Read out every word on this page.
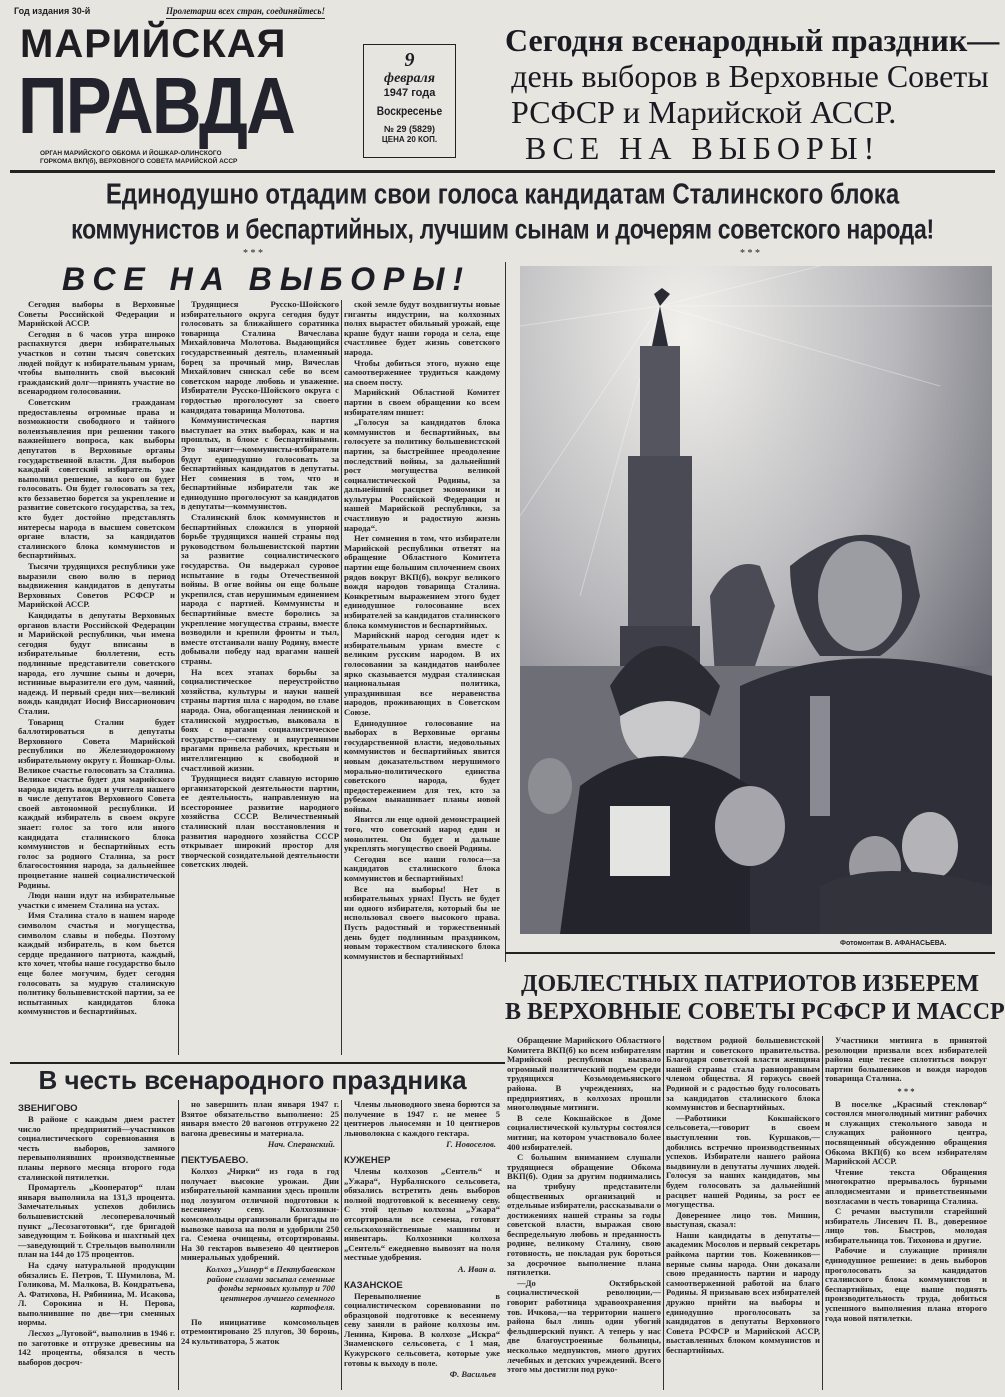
Год издания 30-й	Пролетарии всех стран, соединяйтесь!
МАРИЙСКАЯ
ПРАВДА
ОРГАН МАРИЙСКОГО ОБКОМА И ЙОШКАР-ОЛИНСКОГО
ГОРКОМА ВКП(б), ВЕРХОВНОГО СОВЕТА МАРИЙСКОЙ АССР
9
февраля
1947 года
Воскресенье
№ 29 (5829)
ЦЕНА 20 КОП.
Сегодня всенародный праздник—
день выборов в Верховные Советы
РСФСР и Марийской АССР.
ВСЕ НА ВЫБОРЫ!
Единодушно отдадим свои голоса кандидатам Сталинского блока
коммунистов и беспартийных, лучшим сынам и дочерям советского народа!
* * *	* * *
ВСЕ НА ВЫБОРЫ!

Сегодня выборы в Верховные Советы Российской Федерации и Марийской АССР.

Сегодня в 6 часов утра широко распахнутся двери избирательных участков и сотни тысяч советских людей пойдут к избирательным урнам, чтобы выполнить свой высокий гражданский долг—принять участие во всенародном голосовании.

Советским гражданам предоставлены огромные права и возможности свободного и тайного волеизъявления при решении такого важнейшего вопроса, как выборы депутатов в Верховные органы государственной власти. Для выборов каждый советский избиратель уже выполнил решение, за кого он будет голосовать. Он будет голосовать за тех, кто беззаветно борется за укрепление и развитие советского государства, за тех, кто будет достойно представлять интересы народа в высшем советском органе власти, за кандидатов сталинского блока коммунистов и беспартийных.

Тысячи трудящихся республики уже выразили свою волю в период выдвижения кандидатов в депутаты Верховных Советов РСФСР и Марийской АССР.

Кандидаты в депутаты Верховных органов власти Российской Федерации и Марийской республики, чьи имена сегодня будут вписаны в избирательные бюллетени, есть подлинные представители советского народа, его лучшие сыны и дочери, истинные выразители его дум, чаяний, надежд. И первый среди них—великий вождь кандидат Иосиф Виссарионович Сталин.

Товарищ Сталин будет баллотироваться в депутаты Верховного Совета Марийской республики по Железнодорожному избирательному округу г. Йошкар-Олы. Великое счастье голосовать за Сталина. Великое счастье будет для марийского народа видеть вождя и учителя нашего в числе депутатов Верховного Совета своей автономной республики. И каждый избиратель в своем округе знает: голос за того или иного кандидата сталинского блока коммунистов и беспартийных есть голос за родного Сталина, за рост благосостояния народа, за дальнейшее процветание нашей социалистической Родины.

Люди наши идут на избирательные участки с именем Сталина на устах.

Имя Сталина стало в нашем народе символом счастья и могущества, символом славы и победы. Поэтому каждый избиратель, в ком бьется сердце преданного патриота, каждый, кто хочет, чтобы наше государство было еще более могучим, будет сегодня голосовать за мудрую сталинскую политику большевистской партии, за ее испытанных кандидатов блока коммунистов и беспартийных.

Трудящиеся Русско-Шойского избирательного округа сегодня будут голосовать за ближайшего соратника товарища Сталина Вячеслава Михайловича Молотова. Выдающийся государственный деятель, пламенный борец за прочный мир, Вячеслав Михайлович снискал себе во всем советском народе любовь и уважение. Избиратели Русско-Шойского округа с гордостью проголосуют за своего кандидата товарища Молотова.

Коммунистическая партия выступает на этих выборах, как и на прошлых, в блоке с беспартийными. Это значит—коммунисты-избиратели будут единодушно голосовать за беспартийных кандидатов в депутаты. Нет сомнения в том, что и беспартийные избиратели так же единодушно проголосуют за кандидатов в депутаты—коммунистов.

Сталинский блок коммунистов и беспартийных сложился в упорной борьбе трудящихся нашей страны под руководством большевистской партии за развитие социалистического государства. Он выдержал суровое испытание в годы Отечественной войны. В огне войны он еще больше укрепился, став нерушимым единением народа с партией. Коммунисты и беспартийные вместе боролись за укрепление могущества страны, вместе возводили и крепили фронты и тыл, вместе отстаивали нашу Родину, вместе добывали победу над врагами нашей страны.

На всех этапах борьбы за социалистическое переустройство хозяйства, культуры и науки нашей страны партия шла с народом, во главе народа. Она, обогащенная ленинской и сталинской мудростью, выковала в боях с врагами социалистическое государство—систему и внутренними врагами привела рабочих, крестьян и интеллигенцию к свободной и счастливой жизни.

Трудящиеся видят славную историю организаторской деятельности партии, ее деятельность, направленную на всестороннее развитие народного хозяйства СССР. Величественный сталинский план восстановления и развития народного хозяйства СССР открывает широкий простор для творческой созидательной деятельности советских людей.

ской земле будут воздвигнуты новые гиганты индустрии, на колхозных полях вырастет обильный урожай, еще краше будут наши города и села, еще счастливее будет жизнь советского народа.

Чтобы добиться этого, нужно еще самоотверженнее трудиться каждому на своем посту.

Марийский Областной Комитет партии в своем обращении ко всем избирателям пишет:

„Голосуя за кандидатов блока коммунистов и беспартийных, вы голосуете за политику большевистской партии, за быстрейшее преодоление последствий войны, за дальнейший рост могущества великой социалистической Родины, за дальнейший расцвет экономики и культуры Российской Федерации и нашей Марийской республики, за счастливую и радостную жизнь народа“.

Нет сомнения в том, что избиратели Марийской республики ответят на обращение Областного Комитета партии еще большим сплочением своих рядов вокруг ВКП(б), вокруг великого вождя народов товарища Сталина. Конкретным выражением этого будет единодушное голосование всех избирателей за кандидатов сталинского блока коммунистов и беспартийных.

Марийский народ сегодня идет к избирательным урнам вместе с великим русским народом. В их голосовании за кандидатов наиболее ярко сказывается мудрая сталинская национальная политика, упразднившая все неравенства народов, проживающих в Советском Союзе.

Единодушное голосование на выборах в Верховные органы государственной власти, недовольных коммунистов и беспартийных явится новым доказательством нерушимого морально-политического единства советского народа, будет предостережением для тех, кто за рубежом вынашивает планы новой войны.

Явится ли еще одной демонстрацией того, что советский народ един и монолитен. Он будет и дальше укреплять могущество своей Родины.

Сегодня все наши голоса—за кандидатов сталинского блока коммунистов и беспартийных!

Все на выборы! Нет в избирательных урнах! Пусть не будет ни одного избирателя, который бы не использовал своего высокого права. Пусть радостный и торжественный день будет подлинным праздником, новым торжеством сталинского блока коммунистов и беспартийных!

Фотомонтаж В. АФАНАСЬЕВА.
ДОБЛЕСТНЫХ ПАТРИОТОВ ИЗБЕРЕМ
В ВЕРХОВНЫЕ СОВЕТЫ РСФСР И МАССР

Обращение Марийского Областного Комитета ВКП(б) ко всем избирателям Марийской республики вызвало огромный политический подъем среди трудящихся Козьмодемьянского района. В учреждениях, на предприятиях, в колхозах прошли многолюдные митинги.

В селе Кокшайское в Доме социалистической культуры состоялся митинг, на котором участвовало более 400 избирателей.

С большим вниманием слушали трудящиеся обращение Обкома ВКП(б). Один за другим поднимались на трибуну представители общественных организаций и отдельные избиратели, рассказывали о достижениях нашей страны за годы советской власти, выражая свою беспредельную любовь и преданность родине, великому Сталину, свою готовность, не покладая рук бороться за досрочное выполнение плана пятилетки.

—До Октябрьской социалистической революции,—говорит работница здравоохранения тов. Ичкова,—на территории нашего района был лишь один убогий фельдшерский пункт. А теперь у нас две благоустроенные больницы, несколько медпунктов, много других лечебных и детских учреждений. Всего этого мы достигли под руко-

водством родной большевистской партии и советского правительства. Благодаря советской власти женщина нашей страны стала равноправным членом общества. Я горжусь своей Родиной и с радостью буду голосовать за кандидатов сталинского блока коммунистов и беспартийных.

—Работники Кокшайского сельсовета,—говорит в своем выступлении тов. Куршаков,—добились встречно производственных успехов. Избиратели нашего района выдвинули в депутаты лучших людей. Голосуя за наших кандидатов, мы будем голосовать за дальнейший расцвет нашей Родины, за рост ее могущества.

Довереннее лицо тов. Мишин, выступая, сказал:

Наши кандидаты в депутаты—академик Мосолов и первый секретарь райкома партии тов. Кожевников—верные сыны народа. Они доказали свою преданность партии и народу самоотверженной работой на благо Родины. Я призываю всех избирателей дружно прийти на выборы и единодушно проголосовать за кандидатов в депутаты Верховного Совета РСФСР и Марийской АССР, выставленных блоком коммунистов и беспартийных.

Участники митинга в принятой резолюции призвали всех избирателей района еще теснее сплотиться вокруг партии большевиков и вождя народов товарища Сталина.

* * *

В поселке „Красный стекловар“ состоялся многолюдный митинг рабочих и служащих стекольного завода и служащих районного центра, посвященный обсуждению обращения Обкома ВКП(б) ко всем избирателям Марийской АССР.

Чтение текста Обращения многократно прерывалось бурными аплодисментами и приветственными возгласами в честь товарища Сталина.

С речами выступили старейший избиратель Лисевич П. В., доверенное лицо тов. Быстров, молодая избирательница тов. Тихонова и другие.

Рабочие и служащие приняли единодушное решение: в день выборов проголосовать за кандидатов сталинского блока коммунистов и беспартийных, еще выше поднять производительность труда, добиться успешного выполнения плана второго года новой пятилетки.

В честь всенародного праздника
ЗВЕНИГОВО

В районе с каждым днем растет число предприятий—участников социалистического соревнования в честь выборов, замного перевыполнявших производственные планы первого месяца второго года сталинской пятилетки.

Промартель „Кооператор“ план января выполнила на 131,3 процента. Замечательных успехов добились большевистский лесоперевалочный пункт „Лесозаготовки“, где бригадой заведующим т. Бойкова и шахтный цех—заведующий т. Стрельцов выполнили план на 144 до 175 процентов.

На сдачу натуральной продукции обязались Е. Петров, Т. Шумилова, М. Голикова, М. Малкова, В. Кондратьева, А. Фатихова, Н. Рябинина, М. Исакова, Л. Сорокина и Н. Перова, выполнившие по две—три сменных нормы.

Лесхоз „Луговой“, выполнив в 1946 г. по заготовке и отгрузке древесины на 142 проценты, обязался в честь выборов досроч-

но завершить план января 1947 г. Взятое обязательство выполнено: 25 января вместо 20 вагонов отгружено 22 вагона древесины и материала.

Нач. Сперанский.
ПЕКТУБАЕВО.

Колхоз „Чирки“ из года в год получает высокие урожаи. Дни избирательной кампании здесь прошли под лозунгом отличной подготовки к весеннему севу. Колхозники-комсомольцы организовали бригады по вывозке навоза на поля и удобрили 250 га. Семена очищены, отсортированы. На 30 гектаров вывезено 40 центнеров минеральных удобрений.

Колхоз „Ушнур“ в Пектубаевском районе силами засыпал семенные фонды зерновых культур и 700 центнеров лучшего семенного картофеля.

По инициативе комсомольцев отремонтировано 25 плугов, 30 боронь, 24 культиватора, 5 жаток

Члены льноводного звена борются за получение в 1947 г. не менее 5 центнеров льносемян и 10 центнеров льноволокна с каждого гектара.

Г. Новоселов.
КУЖЕНЕР

Члены колхозов „Сентель“ и „Ужара“, Нурбалнского сельсовета, обязались встретить день выборов полной подготовкой к весеннему севу. С этой целью колхозы „Ужара“ отсортировали все семена, готовят сельскохозяйственные машины и инвентарь. Колхозники колхоза „Сентель“ ежедневно вывозят на поля местные удобрения.

А. Иван а.
КАЗАНСКОЕ

Перевыполнение в социалистическом соревновании по образцовой подготовке к весеннему севу заняли в районе колхозы им. Ленина, Кирова. В колхозе „Искра“ Знаменского сельсовета, с 1 мая, Кужурского сельсовета, которые уже готовы к выходу в поле.

Ф. Васильев
